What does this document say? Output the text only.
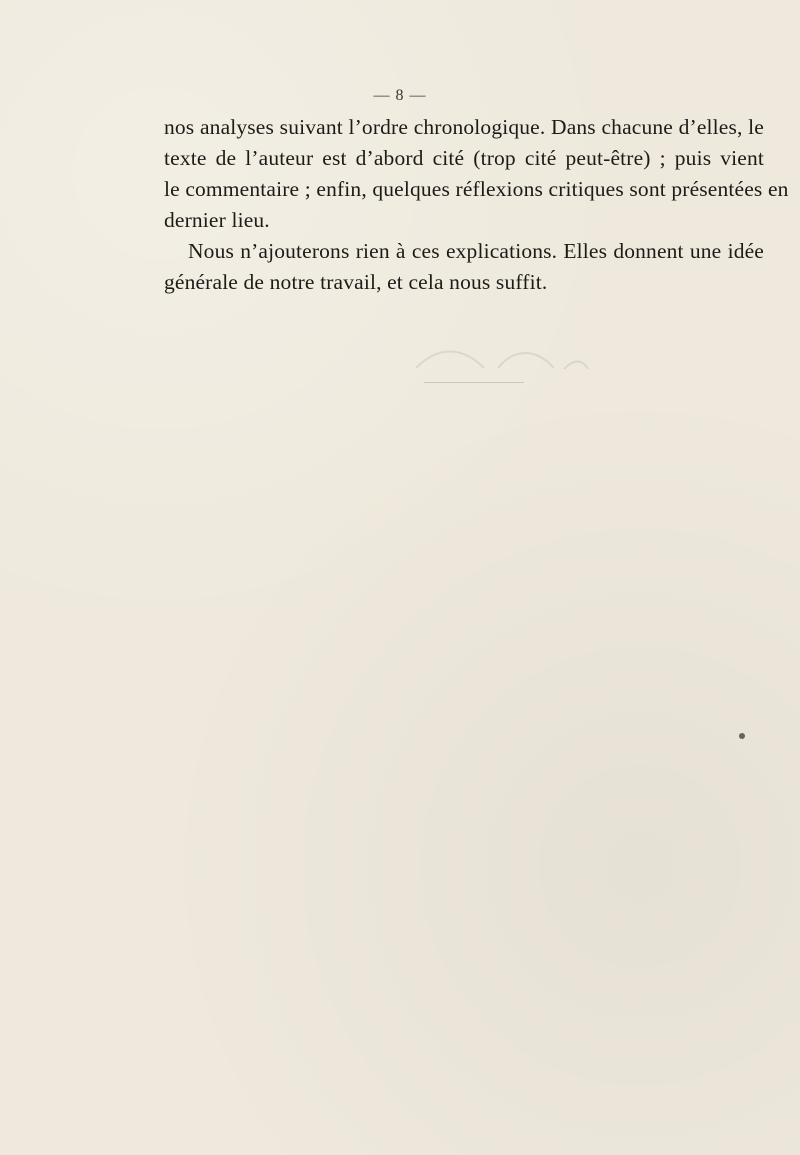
— 8 —
nos analyses suivant l’ordre chronologique. Dans chacune d’elles, le
texte de l’auteur est d’abord cité (trop cité peut-être) ; puis vient
le commentaire ; enfin, quelques réflexions critiques sont présentées en
dernier lieu.
Nous n’ajouterons rien à ces explications. Elles donnent une idée
générale de notre travail, et cela nous suffit.
